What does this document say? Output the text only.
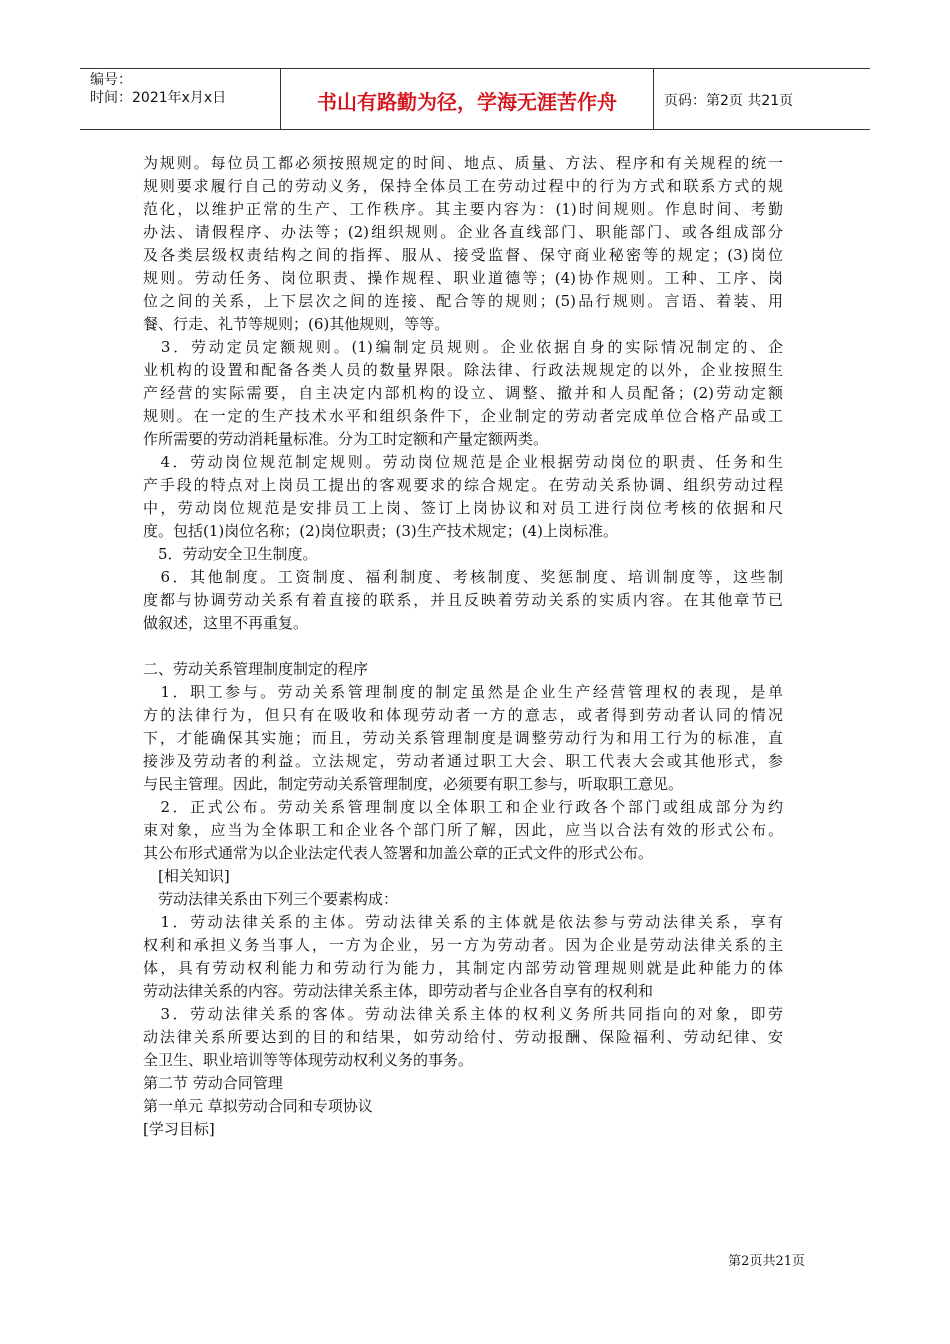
编号：
时间：2021年x月x日	书山有路勤为径，学海无涯苦作舟	页码：第2页 共21页
为规则。每位员工都必须按照规定的时间、地点、质量、方法、程序和有关规程的统一
规则要求履行自己的劳动义务，保持全体员工在劳动过程中的行为方式和联系方式的规
范化，以维护正常的生产、工作秩序。其主要内容为：(1)时间规则。作息时间、考勤
办法、请假程序、办法等；(2)组织规则。企业各直线部门、职能部门、或各组成部分
及各类层级权责结构之间的指挥、服从、接受监督、保守商业秘密等的规定；(3)岗位
规则。劳动任务、岗位职责、操作规程、职业道德等；(4)协作规则。工种、工序、岗
位之间的关系，上下层次之间的连接、配合等的规则；(5)品行规则。言语、着装、用
餐、行走、礼节等规则；(6)其他规则，等等。
　3．劳动定员定额规则。(1)编制定员规则。企业依据自身的实际情况制定的、企
业机构的设置和配备各类人员的数量界限。除法律、行政法规规定的以外，企业按照生
产经营的实际需要，自主决定内部机构的设立、调整、撤并和人员配备；(2)劳动定额
规则。在一定的生产技术水平和组织条件下，企业制定的劳动者完成单位合格产品或工
作所需要的劳动消耗量标准。分为工时定额和产量定额两类。
　4．劳动岗位规范制定规则。劳动岗位规范是企业根据劳动岗位的职责、任务和生
产手段的特点对上岗员工提出的客观要求的综合规定。在劳动关系协调、组织劳动过程
中，劳动岗位规范是安排员工上岗、签订上岗协议和对员工进行岗位考核的依据和尺
度。包括(1)岗位名称；(2)岗位职责；(3)生产技术规定；(4)上岗标准。
　5．劳动安全卫生制度。
　6．其他制度。工资制度、福利制度、考核制度、奖惩制度、培训制度等，这些制
度都与协调劳动关系有着直接的联系，并且反映着劳动关系的实质内容。在其他章节已
做叙述，这里不再重复。
二、劳动关系管理制度制定的程序
　1．职工参与。劳动关系管理制度的制定虽然是企业生产经营管理权的表现，是单
方的法律行为，但只有在吸收和体现劳动者一方的意志，或者得到劳动者认同的情况
下，才能确保其实施；而且，劳动关系管理制度是调整劳动行为和用工行为的标准，直
接涉及劳动者的利益。立法规定，劳动者通过职工大会、职工代表大会或其他形式，参
与民主管理。因此，制定劳动关系管理制度，必须要有职工参与，听取职工意见。
　2．正式公布。劳动关系管理制度以全体职工和企业行政各个部门或组成部分为约
束对象，应当为全体职工和企业各个部门所了解，因此，应当以合法有效的形式公布。
其公布形式通常为以企业法定代表人签署和加盖公章的正式文件的形式公布。
　[相关知识]
　劳动法律关系由下列三个要素构成：
　1．劳动法律关系的主体。劳动法律关系的主体就是依法参与劳动法律关系，享有
权利和承担义务当事人，一方为企业，另一方为劳动者。因为企业是劳动法律关系的主
体，具有劳动权利能力和劳动行为能力，其制定内部劳动管理规则就是此种能力的体
劳动法律关系的内容。劳动法律关系主体，即劳动者与企业各自享有的权利和
　3．劳动法律关系的客体。劳动法律关系主体的权利义务所共同指向的对象，即劳
动法律关系所要达到的目的和结果，如劳动给付、劳动报酬、保险福利、劳动纪律、安
全卫生、职业培训等等体现劳动权利义务的事务。
第二节 劳动合同管理
第一单元 草拟劳动合同和专项协议
[学习目标]
第2页共21页
